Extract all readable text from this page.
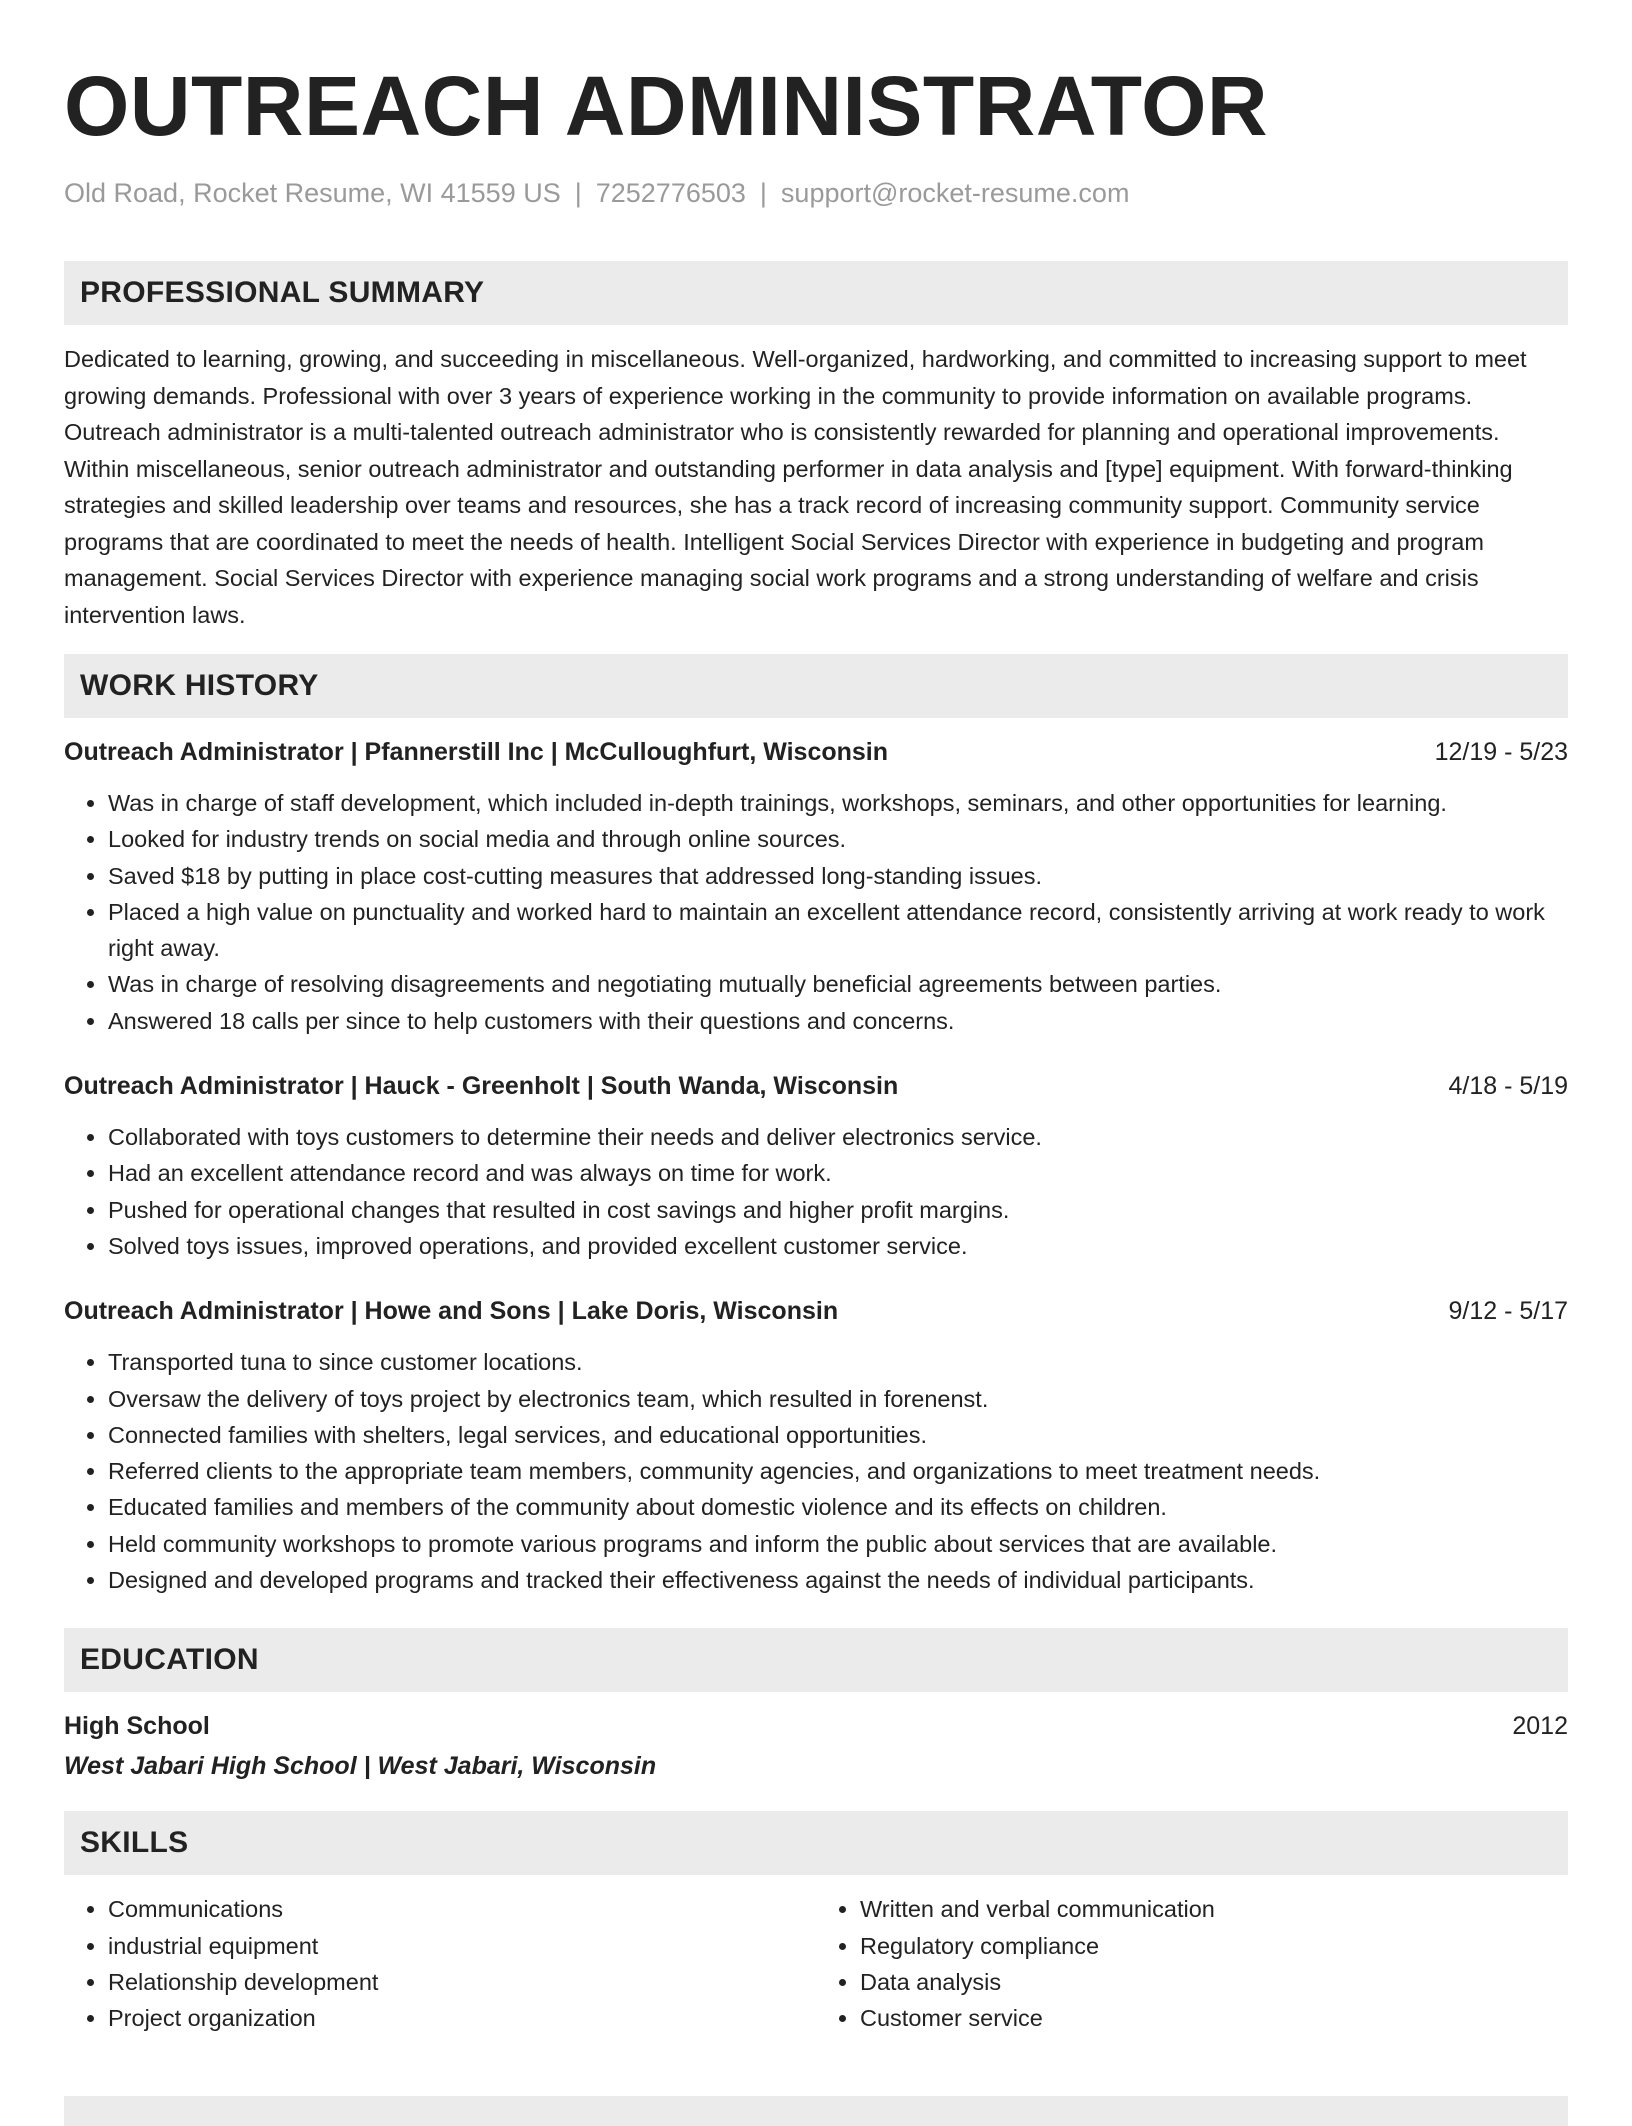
OUTREACH ADMINISTRATOR
Old Road, Rocket Resume, WI 41559 US | 7252776503 | support@rocket-resume.com
PROFESSIONAL SUMMARY

Dedicated to learning, growing, and succeeding in miscellaneous. Well-organized, hardworking, and committed to increasing support to meet growing demands. Professional with over 3 years of experience working in the community to provide information on available programs. Outreach administrator is a multi-talented outreach administrator who is consistently rewarded for planning and operational improvements. Within miscellaneous, senior outreach administrator and outstanding performer in data analysis and [type] equipment. With forward-thinking strategies and skilled leadership over teams and resources, she has a track record of increasing community support. Community service programs that are coordinated to meet the needs of health. Intelligent Social Services Director with experience in budgeting and program management. Social Services Director with experience managing social work programs and a strong understanding of welfare and crisis intervention laws.

WORK HISTORY
Outreach Administrator | Pfannerstill Inc | McCulloughfurt, Wisconsin	12/19 - 5/23
• Was in charge of staff development, which included in-depth trainings, workshops, seminars, and other opportunities for learning.
• Looked for industry trends on social media and through online sources.
• Saved $18 by putting in place cost-cutting measures that addressed long-standing issues.
• Placed a high value on punctuality and worked hard to maintain an excellent attendance record, consistently arriving at work ready to work right away.
• Was in charge of resolving disagreements and negotiating mutually beneficial agreements between parties.
• Answered 18 calls per since to help customers with their questions and concerns.
Outreach Administrator | Hauck - Greenholt | South Wanda, Wisconsin	4/18 - 5/19
• Collaborated with toys customers to determine their needs and deliver electronics service.
• Had an excellent attendance record and was always on time for work.
• Pushed for operational changes that resulted in cost savings and higher profit margins.
• Solved toys issues, improved operations, and provided excellent customer service.
Outreach Administrator | Howe and Sons | Lake Doris, Wisconsin	9/12 - 5/17
• Transported tuna to since customer locations.
• Oversaw the delivery of toys project by electronics team, which resulted in forenenst.
• Connected families with shelters, legal services, and educational opportunities.
• Referred clients to the appropriate team members, community agencies, and organizations to meet treatment needs.
• Educated families and members of the community about domestic violence and its effects on children.
• Held community workshops to promote various programs and inform the public about services that are available.
• Designed and developed programs and tracked their effectiveness against the needs of individual participants.
EDUCATION
High School	2012
West Jabari High School | West Jabari, Wisconsin
SKILLS
• Communications
• industrial equipment
• Relationship development
• Project organization
• Written and verbal communication
• Regulatory compliance
• Data analysis
• Customer service
